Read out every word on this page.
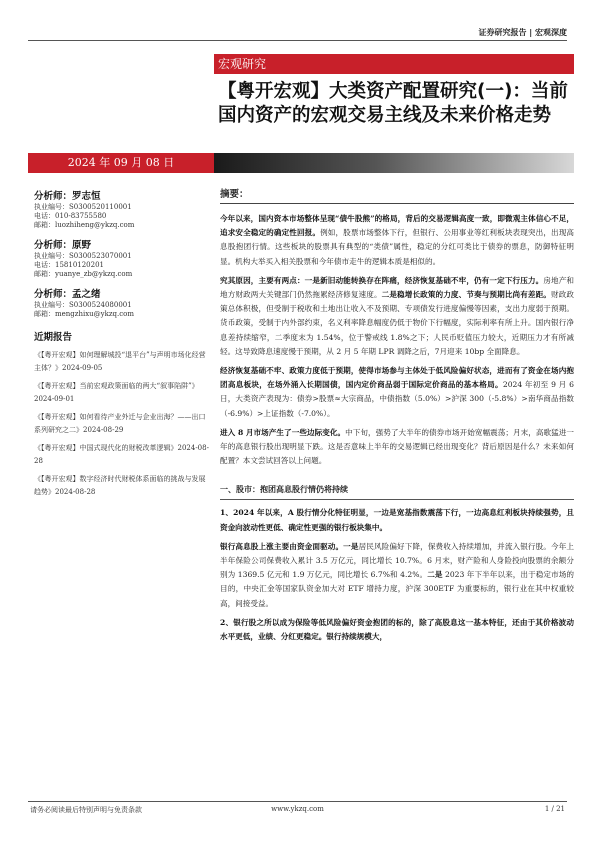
证券研究报告 | 宏观深度
宏观研究
【粤开宏观】大类资产配置研究(一)：当前国内资产的宏观交易主线及未来价格走势
2024 年 09 月 08 日
分析师：罗志恒
执业编号：S0300520110001
电话：010-83755580
邮箱：luozhiheng@ykzq.com
分析师：原野
执业编号：S0300523070001
电话：15810120201
邮箱：yuanye_zb@ykzq.com
分析师：孟之绪
执业编号：S0300524080001
邮箱：mengzhixu@ykzq.com
近期报告
《【粤开宏观】如何理解城投“退平台”与声明市场化经营主体？》2024-09-05
《【粤开宏观】当前宏观政策面临的两大“叙事陷阱”》2024-09-01
《【粤开宏观】如何看待产业外迁与企业出海？——出口系列研究之二》2024-08-29
《【粤开宏观】中国式现代化的财税改革逻辑》2024-08-28
《【粤开宏观】数字经济时代财税体系面临的挑战与发展趋势》2024-08-28
摘要：

今年以来，国内资本市场整体呈现“债牛股熊”的格局，背后的交易逻辑高度一致，即微观主体信心不足，追求安全稳定的确定性回报。例如，股票市场整体下行，但银行、公用事业等红利板块表现突出，出现高息股抱团行情。这些板块的股票具有典型的“类债”属性，稳定的分红可类比于债券的票息，防御特征明显。机构大举买入相关股票和今年债市走牛的逻辑本质是相似的。

究其原因，主要有两点：一是新旧动能转换存在阵痛，经济恢复基础不牢，仍有一定下行压力。房地产和地方财政两大关键部门仍然拖累经济修复速度。二是稳增长政策的力度、节奏与预期比尚有差距。财政政策总体积极，但受制于税收和土地出让收入不及预期、专项债发行进度偏慢等因素，支出力度弱于预期。货币政策，受制于内外部约束，名义利率降息幅度仍低于物价下行幅度，实际利率有所上升。国内银行净息差持续缩窄，二季度末为 1.54%，位于警戒线 1.8%之下；人民币贬值压力较大，近期压力才有所减轻。这导致降息速度慢于预期，从 2 月 5 年期 LPR 调降之后，7月迎来 10bp 全面降息。

经济恢复基础不牢、政策力度低于预期，使得市场参与主体处于低风险偏好状态，进而有了资金在场内抱团高息板块，在场外涌入长期国债，国内定价商品弱于国际定价商品的基本格局。2024 年初至 9 月 6 日，大类资产表现为：债券>股票≈大宗商品，中债指数（5.0%）>沪深 300（-5.8%）>南华商品指数（-6.9%）>上证指数（-7.0%）。

进入 8 月市场产生了一些边际变化。中下旬，强势了大半年的债券市场开始宽幅震荡；月末，高歌猛进一年的高息银行股出现明显下跌。这是否意味上半年的交易逻辑已经出现变化？背后原因是什么？未来如何配置？本文尝试回答以上问题。

一、股市：抱团高息股行情仍将持续

1、2024 年以来，A 股行情分化特征明显，一边是宽基指数震荡下行，一边高息红利板块持续强势，且资金向波动性更低、确定性更强的银行板块集中。

银行高息股上涨主要由资金面驱动。一是居民风险偏好下降，保费收入持续增加，并流入银行股。今年上半年保险公司保费收入累计 3.5 万亿元，同比增长 10.7%。6 月末，财产险和人身险投向股票的余额分别为 1369.5 亿元和 1.9 万亿元，同比增长 6.7%和 4.2%。二是 2023 年下半年以来，出于稳定市场的目的，中央汇金等国家队资金加大对 ETF 增持力度，沪深 300ETF 为重要标的，银行业在其中权重较高，间接受益。

2、银行股之所以成为保险等低风险偏好资金抱团的标的，除了高股息这一基本特征，还由于其价格波动水平更低，业绩、分红更稳定。银行持续规模大，

请务必阅读最后特别声明与免责条款	www.ykzq.com	1 / 21
